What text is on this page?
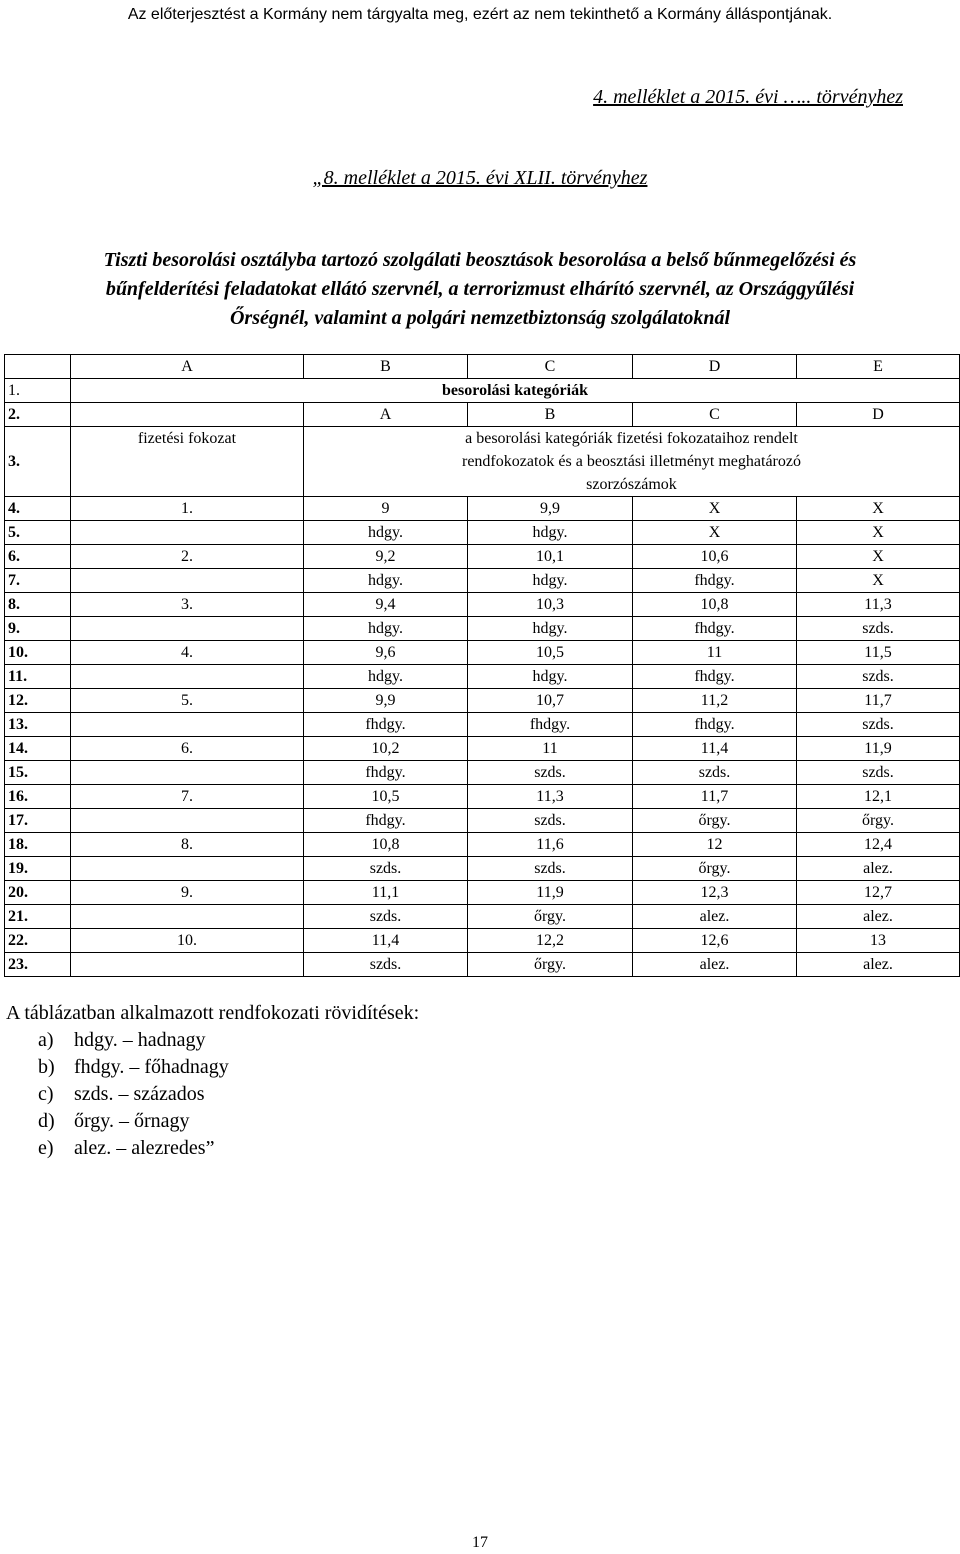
Az előterjesztést a Kormány nem tárgyalta meg, ezért az nem tekinthető a Kormány álláspontjának.
4. melléklet a 2015. évi ….. törvényhez
„8. melléklet a 2015. évi XLII. törvényhez
Tiszti besorolási osztályba tartozó szolgálati beosztások besorolása a belső bűnmegelőzési és
bűnfelderítési feladatokat ellátó szervnél, a terrorizmust elhárító szervnél, az Országgyűlési
Őrségnél, valamint a polgári nemzetbiztonság szolgálatoknál
	A	B	C	D	E
1.	besorolási kategóriák				
2.		A	B	C	D
3.	fizetési fokozat	a besorolási kategóriák fizetési fokozataihoz rendelt rendfokozatok és a beosztási illetményt meghatározó szorzószámok			
4.	1.	9	9,9	X	X
5.		hdgy.	hdgy.	X	X
6.	2.	9,2	10,1	10,6	X
7.		hdgy.	hdgy.	fhdgy.	X
8.	3.	9,4	10,3	10,8	11,3
9.		hdgy.	hdgy.	fhdgy.	szds.
10.	4.	9,6	10,5	11	11,5
11.		hdgy.	hdgy.	fhdgy.	szds.
12.	5.	9,9	10,7	11,2	11,7
13.		fhdgy.	fhdgy.	fhdgy.	szds.
14.	6.	10,2	11	11,4	11,9
15.		fhdgy.	szds.	szds.	szds.
16.	7.	10,5	11,3	11,7	12,1
17.		fhdgy.	szds.	őrgy.	őrgy.
18.	8.	10,8	11,6	12	12,4
19.		szds.	szds.	őrgy.	alez.
20.	9.	11,1	11,9	12,3	12,7
21.		szds.	őrgy.	alez.	alez.
22.	10.	11,4	12,2	12,6	13
23.		szds.	őrgy.	alez.	alez.
A táblázatban alkalmazott rendfokozati rövidítések:
a) hdgy. – hadnagy
b) fhdgy. – főhadnagy
c) szds. – százados
d) őrgy. – őrnagy
e) alez. – alezredes”
17
